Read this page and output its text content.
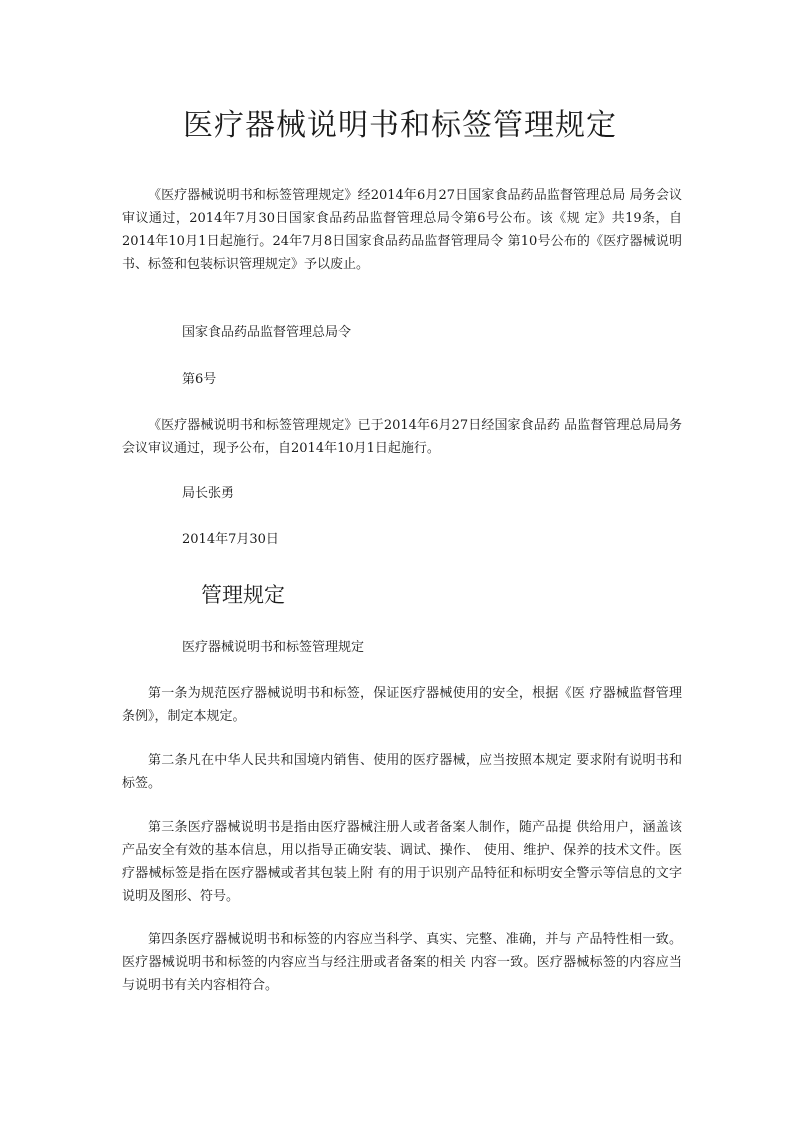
医疗器械说明书和标签管理规定

《医疗器械说明书和标签管理规定》经2014年6月27日国家食品药品监督管理总局 局务会议审议通过，2014年7月30日国家食品药品监督管理总局令第6号公布。该《规 定》共19条，自2014年10月1日起施行。24年7月8日国家食品药品监督管理局令 第10号公布的《医疗器械说明书、标签和包装标识管理规定》予以废止。

国家食品药品监督管理总局令
第6号

《医疗器械说明书和标签管理规定》已于2014年6月27日经国家食品药 品监督管理总局局务会议审议通过，现予公布，自2014年10月1日起施行。

局长张勇
2014年7月30日
管理规定
医疗器械说明书和标签管理规定

第一条为规范医疗器械说明书和标签，保证医疗器械使用的安全，根据《医 疗器械监督管理条例》，制定本规定。

第二条凡在中华人民共和国境内销售、使用的医疗器械，应当按照本规定 要求附有说明书和标签。

第三条医疗器械说明书是指由医疗器械注册人或者备案人制作，随产品提 供给用户，涵盖该产品安全有效的基本信息，用以指导正确安装、调试、操作、 使用、维护、保养的技术文件。医疗器械标签是指在医疗器械或者其包装上附 有的用于识别产品特征和标明安全警示等信息的文字说明及图形、符号。

第四条医疗器械说明书和标签的内容应当科学、真实、完整、准确，并与 产品特性相一致。医疗器械说明书和标签的内容应当与经注册或者备案的相关 内容一致。医疗器械标签的内容应当与说明书有关内容相符合。
